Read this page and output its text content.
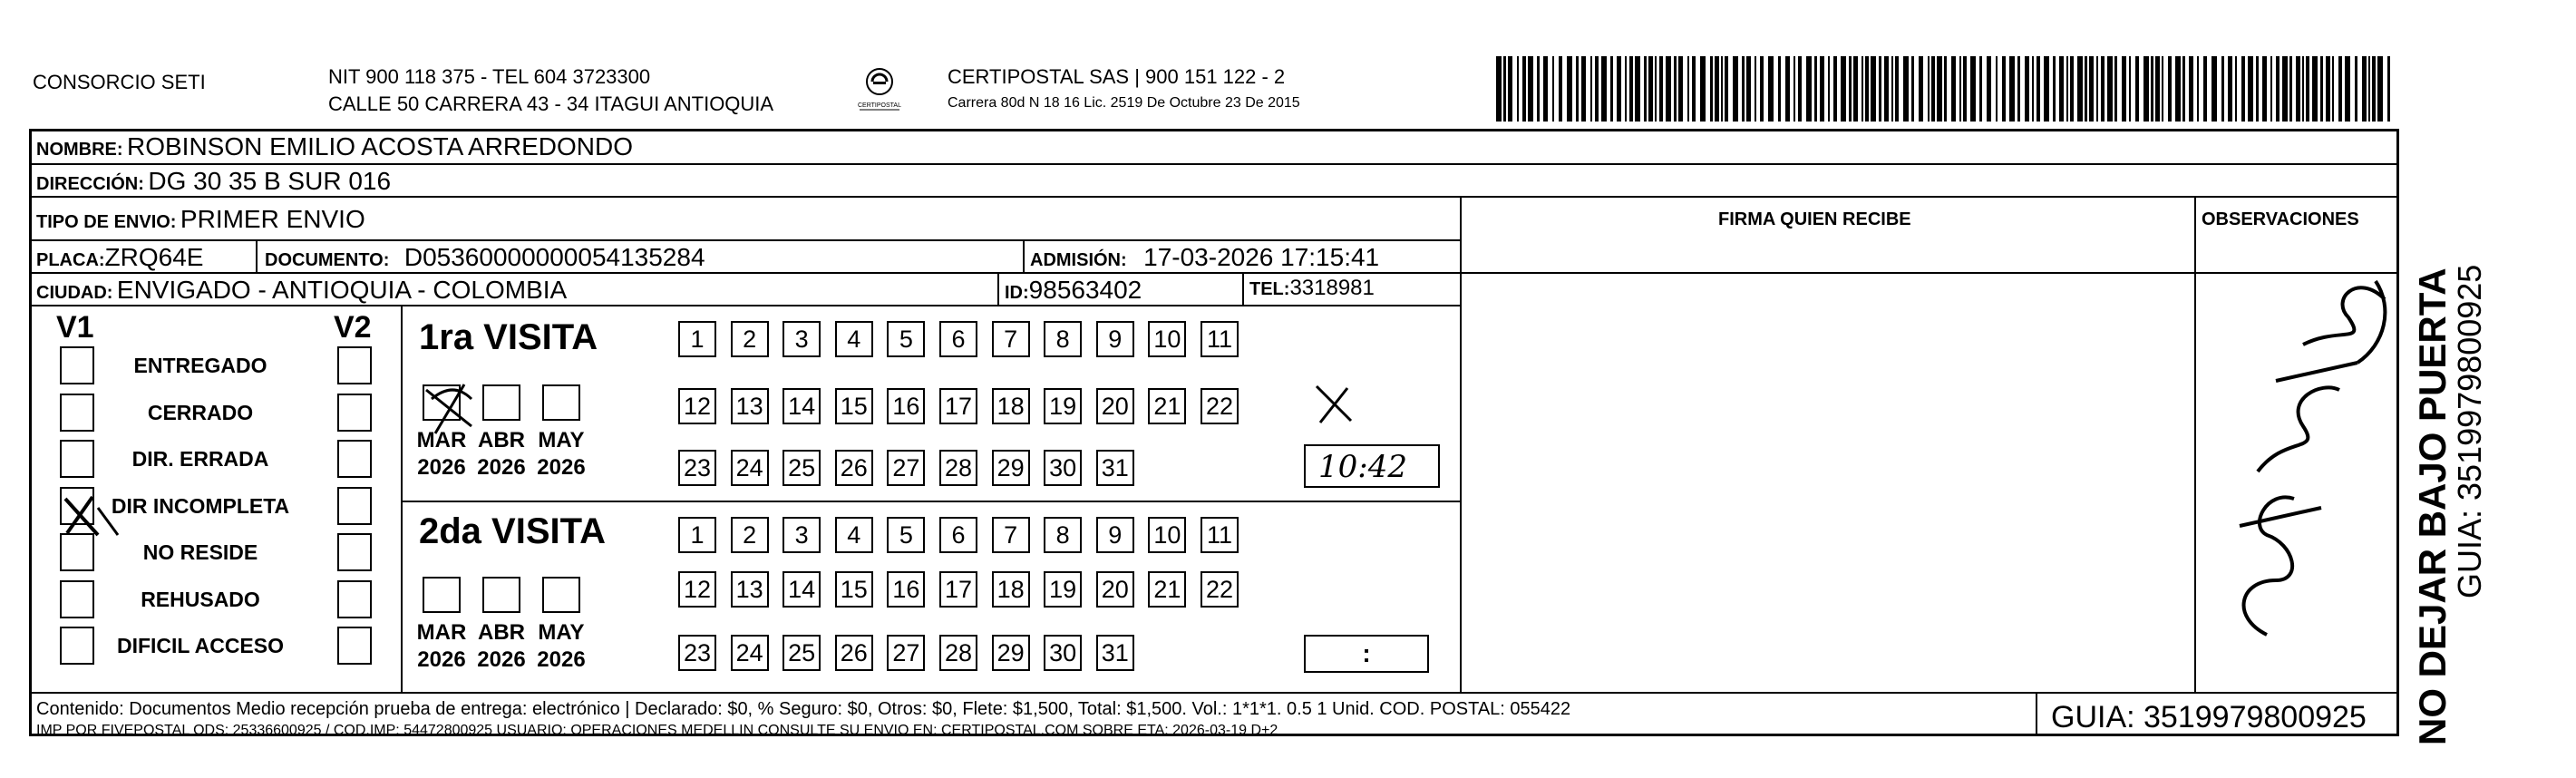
CONSORCIO SETI	NIT 900 118 375 - TEL 604 3723300
CALLE 50 CARRERA 43 - 34 ITAGUI ANTIOQUIA	CERTIPOSTAL
CERTIPOSTAL SAS | 900 151 122 - 2
Carrera 80d N 18 16 Lic. 2519 De Octubre 23 De 2015
NOMBRE: ROBINSON EMILIO ACOSTA ARREDONDO
DIRECCIÓN: DG 30 35 B SUR 016
TIPO DE ENVIO: PRIMER ENVIO
PLACA:ZRQ64E	DOCUMENTO: D05360000000054135284	ADMISIÓN: 17-03-2026 17:15:41
CIUDAD: ENVIGADO - ANTIOQUIA - COLOMBIA	ID:98563402	TEL:3318981
FIRMA QUIEN RECIBE	OBSERVACIONES
V1	V2
ENTREGADO
CERRADO
DIR. ERRADA
DIR INCOMPLETA
NO RESIDE
REHUSADO
DIFICIL ACCESO
1ra VISITA
MAR
2026
ABR
2026
MAY
2026
1	2	3	4	5	6	7	8	9	10 11
12 13 14 15 16 17 18 19 20 21 22
23 24 25 26 27 28 29 30 31
2da VISITA
MAR
2026
ABR
2026
MAY
2026
1	2	3	4	5	6	7	8	9	10 11
12 13 14 15 16 17 18 19 20 21 22
23 24 25 26 27 28 29 30 31
10:42
:
Contenido: Documentos Medio recepción prueba de entrega: electrónico | Declarado: $0, % Seguro: $0, Otros: $0, Flete: $1,500, Total: $1,500. Vol.: 1*1*1. 0.5 1 Unid. COD. POSTAL: 055422
IMP POR FIVEPOSTAL ODS: 25336600925 / COD.IMP: 54472800925 USUARIO: OPERACIONES MEDELLIN CONSULTE SU ENVIO EN: CERTIPOSTAL.COM SOBRE ETA: 2026-03-19 D+2	GUIA: 3519979800925 NO DEJAR BAJO PUERTA
GUIA: 3519979800925
